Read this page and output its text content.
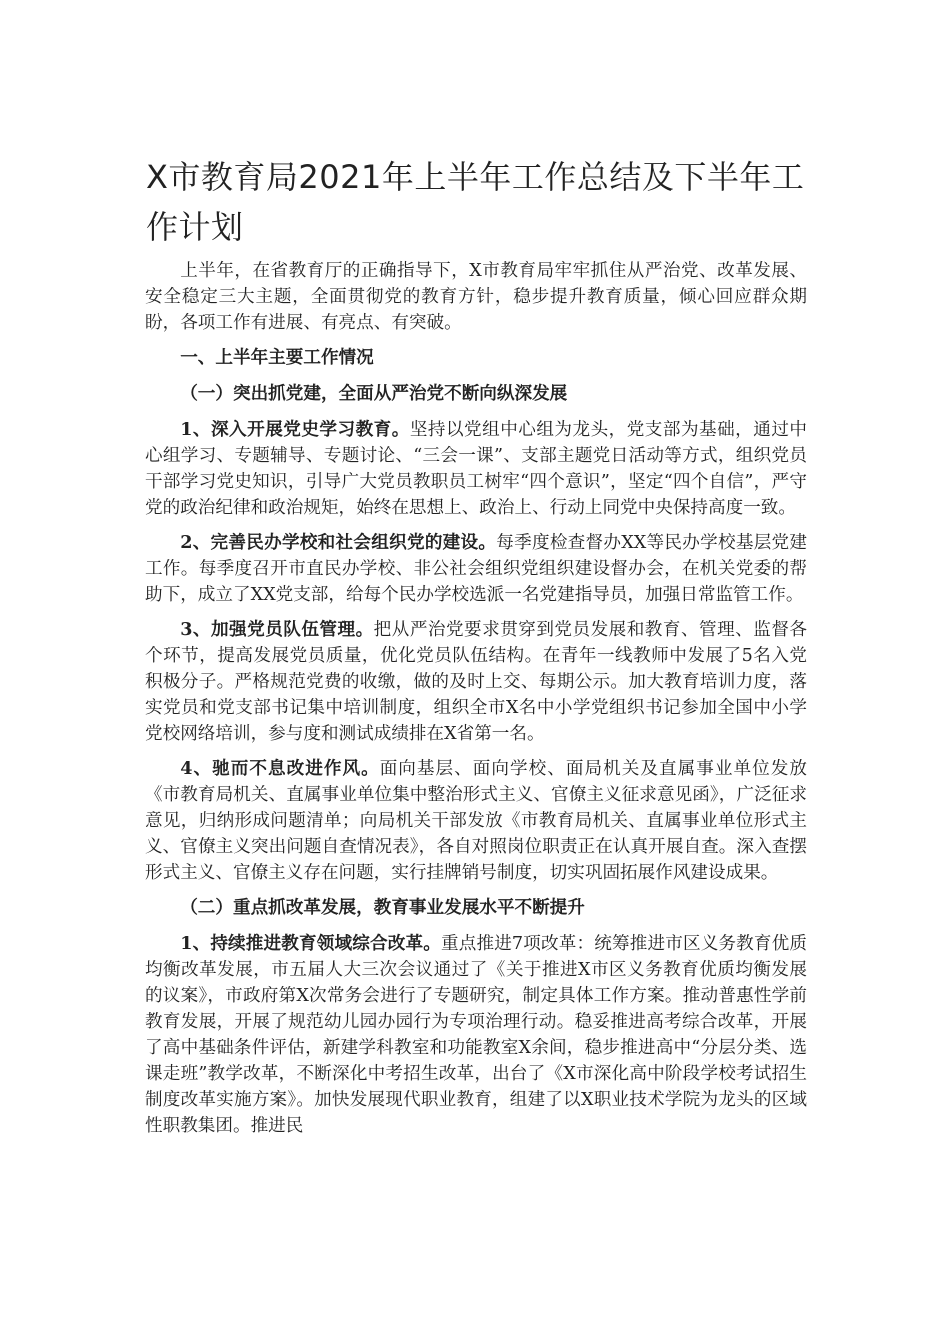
X市教育局2021年上半年工作总结及下半年工作计划

上半年，在省教育厅的正确指导下，X市教育局牢牢抓住从严治党、改革发展、安全稳定三大主题，全面贯彻党的教育方针，稳步提升教育质量，倾心回应群众期盼，各项工作有进展、有亮点、有突破。

一、上半年主要工作情况

（一）突出抓党建，全面从严治党不断向纵深发展

1、深入开展党史学习教育。坚持以党组中心组为龙头，党支部为基础，通过中心组学习、专题辅导、专题讨论、“三会一课”、支部主题党日活动等方式，组织党员干部学习党史知识，引导广大党员教职员工树牢“四个意识”，坚定“四个自信”，严守党的政治纪律和政治规矩，始终在思想上、政治上、行动上同党中央保持高度一致。

2、完善民办学校和社会组织党的建设。每季度检查督办XX等民办学校基层党建工作。每季度召开市直民办学校、非公社会组织党组织建设督办会，在机关党委的帮助下，成立了XX党支部，给每个民办学校选派一名党建指导员，加强日常监管工作。

3、加强党员队伍管理。把从严治党要求贯穿到党员发展和教育、管理、监督各个环节，提高发展党员质量，优化党员队伍结构。在青年一线教师中发展了5名入党积极分子。严格规范党费的收缴，做的及时上交、每期公示。加大教育培训力度，落实党员和党支部书记集中培训制度，组织全市X名中小学党组织书记参加全国中小学党校网络培训，参与度和测试成绩排在X省第一名。

4、驰而不息改进作风。面向基层、面向学校、面局机关及直属事业单位发放《市教育局机关、直属事业单位集中整治形式主义、官僚主义征求意见函》，广泛征求意见，归纳形成问题清单；向局机关干部发放《市教育局机关、直属事业单位形式主义、官僚主义突出问题自查情况表》，各自对照岗位职责正在认真开展自查。深入查摆形式主义、官僚主义存在问题，实行挂牌销号制度，切实巩固拓展作风建设成果。

（二）重点抓改革发展，教育事业发展水平不断提升

1、持续推进教育领域综合改革。重点推进7项改革：统筹推进市区义务教育优质均衡改革发展，市五届人大三次会议通过了《关于推进X市区义务教育优质均衡发展的议案》，市政府第X次常务会进行了专题研究，制定具体工作方案。推动普惠性学前教育发展，开展了规范幼儿园办园行为专项治理行动。稳妥推进高考综合改革，开展了高中基础条件评估，新建学科教室和功能教室X余间，稳步推进高中“分层分类、选课走班”教学改革，不断深化中考招生改革，出台了《X市深化高中阶段学校考试招生制度改革实施方案》。加快发展现代职业教育，组建了以X职业技术学院为龙头的区域性职教集团。推进民
